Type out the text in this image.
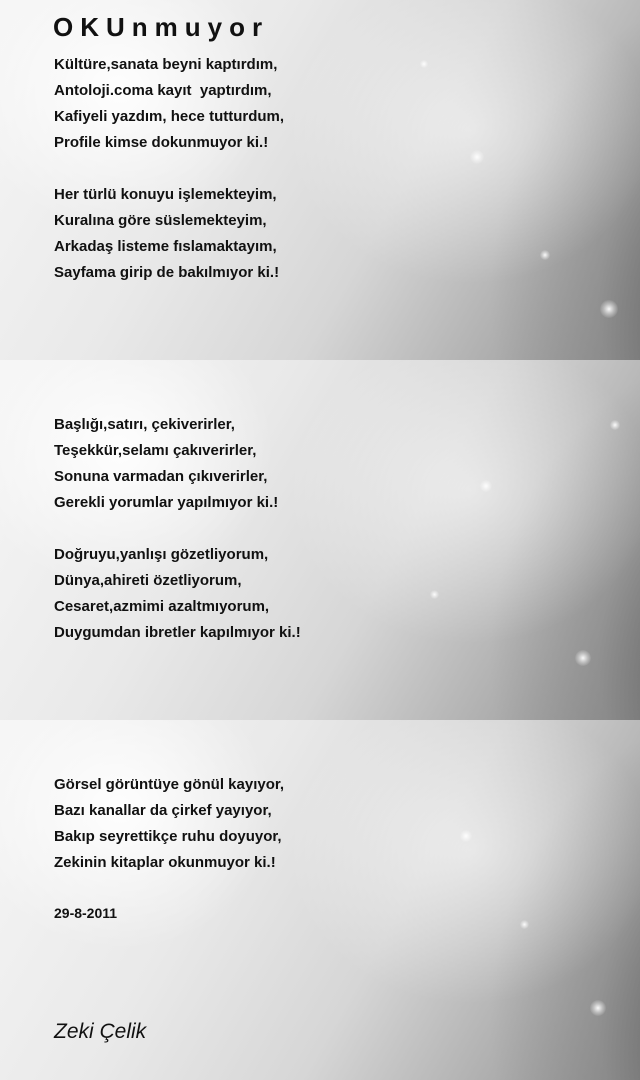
OKUnmuyor
Kültüre,sanata beyni kaptırdım,
Antoloji.coma kayıt  yaptırdım,
Kafiyeli yazdım, hece tutturdum,
Profile kimse dokunmuyor ki.!
Her türlü konuyu işlemekteyim,
Kuralına göre süslemekteyim,
Arkadaş listeme fıslamaktayım,
Sayfama girip de bakılmıyor ki.!
Başlığı,satırı, çekiverirler,
Teşekkür,selamı çakıverirler,
Sonuna varmadan çıkıverirler,
Gerekli yorumlar yapılmıyor ki.!
Doğruyu,yanlışı gözetliyorum,
Dünya,ahireti özetliyorum,
Cesaret,azmimi azaltmıyorum,
Duygumdan ibretler kapılmıyor ki.!
Görsel görüntüye gönül kayıyor,
Bazı kanallar da çirkef yayıyor,
Bakıp seyrettikçe ruhu doyuyor,
Zekinin kitaplar okunmuyor ki.!
29-8-2011
Zeki Çelik
